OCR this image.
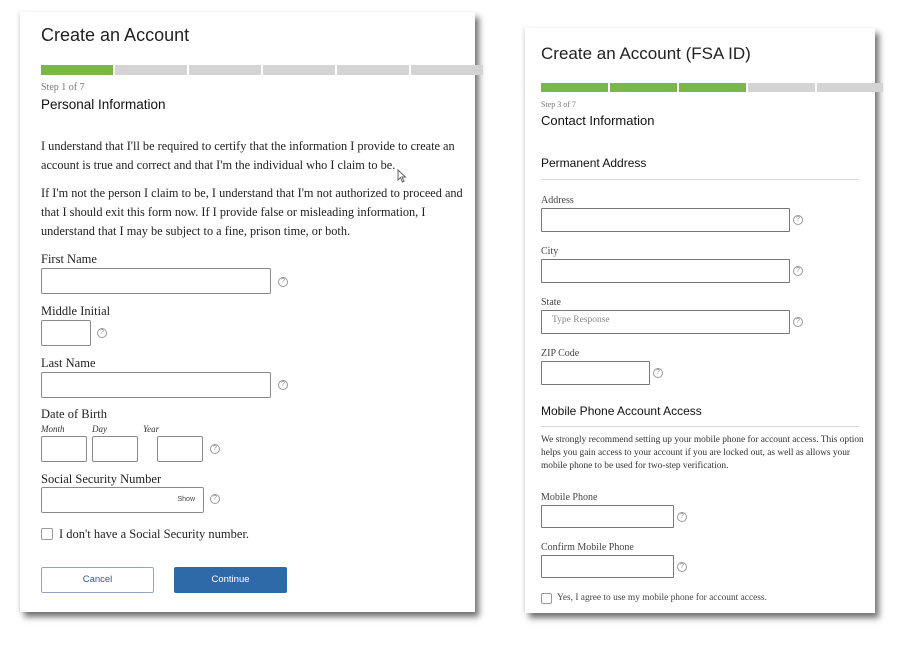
Create an Account
Step 1 of 7
Personal Information
I understand that I'll be required to certify that the information I provide to create an account is true and correct and that I'm the individual who I claim to be.
If I'm not the person I claim to be, I understand that I'm not authorized to proceed and that I should exit this form now. If I provide false or misleading information, I understand that I may be subject to a fine, prison time, or both.
First Name
?
Middle Initial
?
Last Name
?
Date of Birth
Month	Day	Year
?
Social Security Number
Show	?
I don't have a Social Security number.
Cancel	Continue
Create an Account (FSA ID)
Step 3 of 7
Contact Information
Permanent Address
Address
?
City
?
State
Type Response	?
ZIP Code
?
Mobile Phone Account Access
We strongly recommend setting up your mobile phone for account access. This option helps you gain access to your account if you are locked out, as well as allows your mobile phone to be used for two-step verification.
Mobile Phone
?
Confirm Mobile Phone
?
Yes, I agree to use my mobile phone for account access.
